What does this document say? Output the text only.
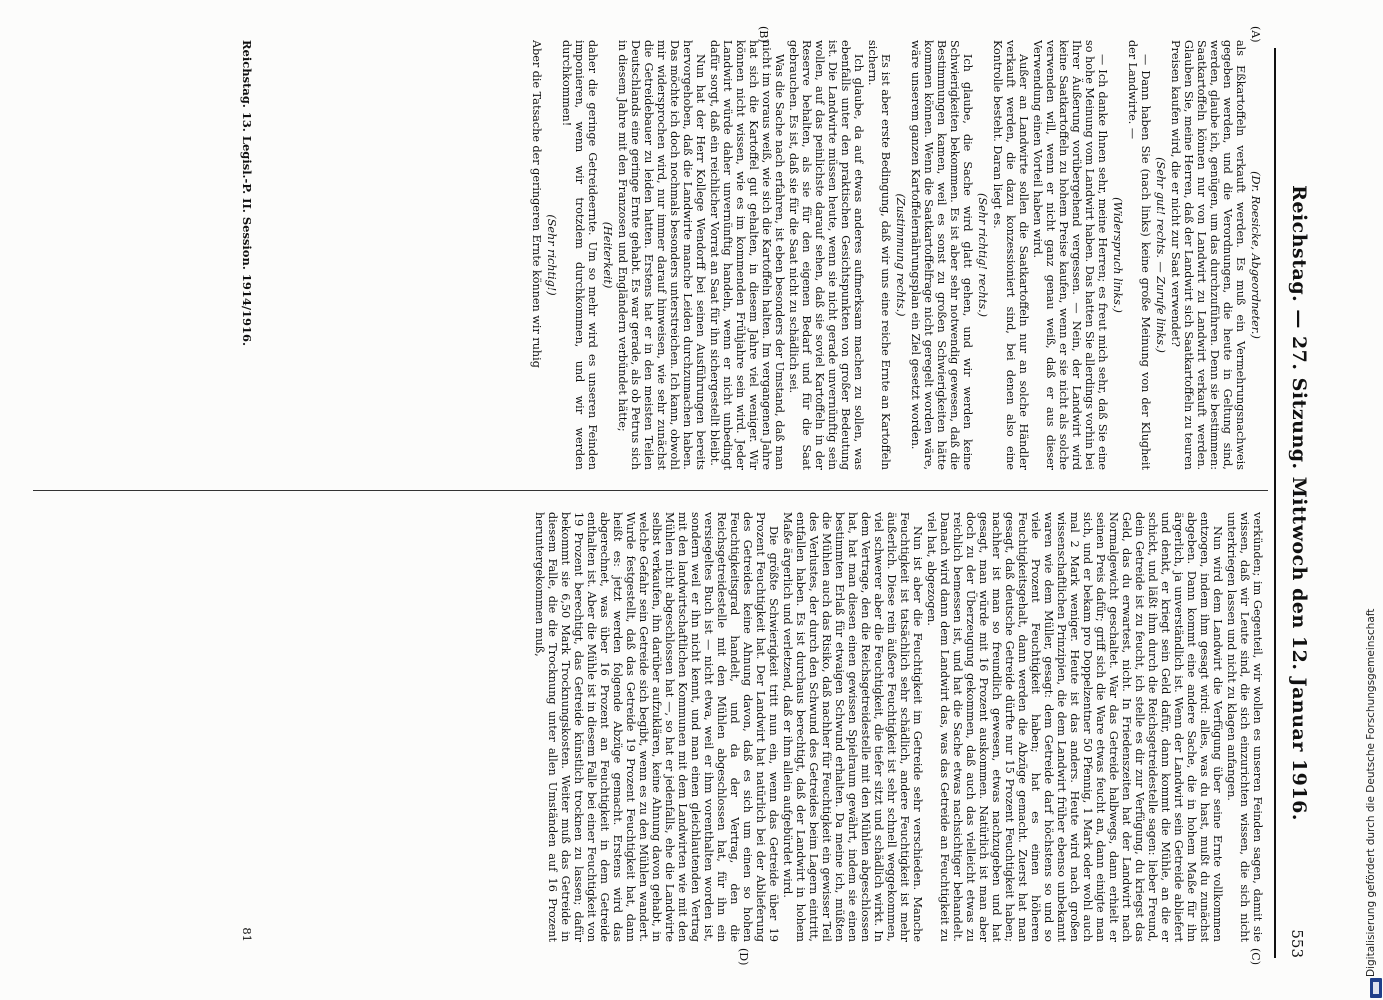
Reichstag. — 27. Sitzung. Mittwoch den 12. Januar 1916.
553
(A)
(B)
(C)
(D)

(Dr. Roesicke, Abgeordneter.)

als Eßkartoffeln verkauft werden. Es muß ein Vermehrungsnachweis gegeben werden, und die Verordnungen, die heute in Geltung sind, werden, glaube ich, genügen, um das durchzuführen. Denn sie bestimmen: Saatkartoffeln können nur von Landwirt zu Landwirt verkauft werden. Glauben Sie, meine Herren, daß der Landwirt sich Saatkartoffeln zu teuren Preisen kaufen wird, die er nicht zur Saat verwendet?

(Sehr gut! rechts. — Zurufe links.)

— Dann haben Sie (nach links) keine große Meinung von der Klugheit der Landwirte. —

(Widerspruch links.)

— Ich danke Ihnen sehr, meine Herren; es freut mich sehr, daß Sie eine so hohe Meinung vom Landwirt haben. Das hatten Sie allerdings vorhin bei Ihrer Äußerung vorübergehend vergessen. — Nein, der Landwirt wird keine Saatkartoffeln zu hohem Preise kaufen, wenn er sie nicht als solche verwenden will, wenn er nicht ganz genau weiß, daß er aus dieser Verwendung einen Vorteil haben wird.

Außer an Landwirte sollen die Saatkartoffeln nur an solche Händler verkauft werden, die dazu konzessioniert sind, bei denen also eine Kontrolle besteht. Daran liegt es.

(Sehr richtig! rechts.)

Ich glaube, die Sache wird glatt gehen, und wir werden keine Schwierigkeiten bekommen. Es ist aber sehr notwendig gewesen, daß die Bestimmungen kamen, weil es sonst zu großen Schwierigkeiten hätte kommen können. Wenn die Saatkartoffelfrage nicht geregelt worden wäre, wäre unserem ganzen Kartoffelernährungsplan ein Ziel gesetzt worden.

(Zustimmung rechts.)

Es ist aber erste Bedingung, daß wir uns eine reiche Ernte an Kartoffeln sichern.

Ich glaube, da auf etwas anderes aufmerksam machen zu sollen, was ebenfalls unter den praktischen Gesichtspunkten von großer Bedeutung ist. Die Landwirte müssen heute, wenn sie nicht gerade unvernünftig sein wollen, auf das peinlichste darauf sehen, daß sie soviel Kartoffeln in der Reserve behalten, als sie für den eigenen Bedarf und für die Saat gebrauchen. Es ist, daß sie für die Saat nicht zu schädlich sei.

Was die Sache nach erfahren, ist eben besonders der Umstand, daß man nicht im voraus weiß, wie sich die Kartoffeln halten. Im vergangenen Jahre hat sich die Kartoffel gut gehalten, in diesem Jahre viel weniger. Wir können nicht wissen, wie es im kommenden Frühjahre sein wird. Jeder Landwirt würde daher unvernünftig handeln, wenn er nicht unbedingt dafür sorgt, daß ein reichlicher Vorrat an Saat für ihn sichergestellt bleibt.

Nun hat der Herr Kollege Wendorff bei seinen Ausführungen bereits hervorgehoben, daß die Landwirte manche Leiden durchzumachen haben. Das möchte ich doch nochmals besonders unterstreichen. Ich kann, obwohl mir widersprochen wird, nur immer darauf hinweisen, wie sehr zunächst die Getreidebauer zu leiden hatten. Erstens hat er in den meisten Teilen Deutschlands eine geringe Ernte gehabt. Es war gerade, als ob Petrus sich in diesem Jahre mit den Franzosen und Engländern verbündet hätte;

(Heiterkeit)

daher die geringe Getreideernte. Um so mehr wird es unseren Feinden imponieren, wenn wir trotzdem durchkommen, und wir werden durchkommen!

(Sehr richtig!)

Aber die Tatsache der geringeren Ernte können wir ruhig

verkünden; im Gegenteil, wir wollen es unseren Feinden sagen, damit sie wissen, daß wir Leute sind, die sich einzurichten wissen, die sich nicht unterkriegen lassen und nicht zu klagen anfangen.

Nun wird dem Landwirt die Verfügung über seine Ernte vollkommen entzogen, indem ihm gesagt wird: alles, was du hast, mußt du zunächst abgeben. Dann kommt eine andere Sache, die in hohem Maße für ihn ärgerlich, ja unverständlich ist. Wenn der Landwirt sein Getreide abliefert und denkt, er kriegt sein Geld dafür, dann kommt die Mühle, an die er schickt, und läßt ihm durch die Reichsgetreidestelle sagen: lieber Freund, dein Getreide ist zu feucht, ich stelle es dir zur Verfügung, du kriegst das Geld, das du erwartest, nicht. In Friedenszeiten hat der Landwirt nach Normalgewicht geschaltet. War das Getreide halbwegs, dann erhielt er seinen Preis dafür; griff sich die Ware etwas feucht an, dann einigte man sich, und er bekam pro Doppelzentner 50 Pfennig, 1 Mark oder wohl auch mal 2 Mark weniger. Heute ist das anders. Heute wird nach großen wissenschaftlichen Prinzipien, die dem Landwirt früher ebenso unbekannt waren wie dem Müller, gesagt: dem Getreide darf höchstens so und so viele Prozent Feuchtigkeit haben; hat es einen höheren Feuchtigkeitsgehalt, dann werden die Abzüge gemacht. Zuerst hat man gesagt, daß deutsche Getreide dürfte nur 15 Prozent Feuchtigkeit haben; nachher ist man so freundlich gewesen, etwas nachzugeben und hat gesagt, man würde mit 16 Prozent auskommen. Natürlich ist man aber doch zu der Überzeugung gekommen, daß auch das vielleicht etwas zu reichlich bemessen ist, und hat die Sache etwas nachsichtiger behandelt. Danach wird dann dem Landwirt das, was das Getreide an Feuchtigkeit zu viel hat, abgezogen.

Nun ist aber die Feuchtigkeit im Getreide sehr verschieden. Manche Feuchtigkeit ist tatsächlich sehr schädlich, andere Feuchtigkeit ist mehr äußerlich. Diese rein äußere Feuchtigkeit ist sehr schnell weggekommen, viel schwerer aber die Feuchtigkeit, die tiefer sitzt und schädlich wirkt. In dem Vertrage, den die Reichsgetreidestelle mit den Mühlen abgeschlossen hat, hat man diesen einen gewissen Spielraum gewährt, indem sie einen bestimmten Erlaß für etwaigen Schwund erhalten. Da meine ich, müßten die Mühlen auch das Risiko, daß nachher für Feuchtigkeit ein gewisser Teil des Verlustes, der durch den Schwund des Getreides beim Lagern eintritt, entfallen haben. Es ist durchaus berechtigt, daß der Landwirt in hohem Maße ärgerlich und verletzend, daß er ihm allein aufgebürdet wird.

Die größte Schwierigkeit tritt nun ein, wenn das Getreide über 19 Prozent Feuchtigkeit hat. Der Landwirt hat natürlich bei der Ablieferung des Getreides keine Ahnung davon, daß es sich um einen so hohen Feuchtigkeitsgrad handelt, und da der Vertrag, den die Reichsgetreidestelle mit den Mühlen abgeschlossen hat, für ihn ein versiegeltes Buch ist — nicht etwa, weil er ihm vorenthalten worden ist, sondern weil er ihn nicht kennt, und man einen gleichlautenden Vertrag mit den landwirtschaftlichen Kommunen mit dem Landwirten wie mit den Mühlen nicht abgeschlossen hat —, so hat er jedenfalls, ehe die Landwirte selbst verkaufen, ihn darüber aufzuklären, keine Ahnung davon gehabt, in welche Gefahr sein Getreide sich begibt, wenn es zu den Mühlen wandert. Wurde festgestellt, daß das Getreide 19 Prozent Feuchtigkeit hat, dann heißt es: jetzt werden folgende Abzüge gemacht. Erstens wird das abgerechnet, was über 16 Prozent an Feuchtigkeit in dem Getreide enthalten ist. Aber die Mühle ist in diesem Falle bei einer Feuchtigkeit von 19 Prozent berechtigt, das Getreide künstlich trocknen zu lassen; dafür bekommt sie 6,50 Mark Trocknungskosten. Weiter muß das Getreide in diesem Falle, die die Trocknung unter allen Umständen auf 16 Prozent heruntergekommen muß,

Reichstag. 13. Legisl.-P. II. Session. 1914/1916.
81	Digitalisierung gefördert durch die Deutsche Forschungsgemeinschaft
